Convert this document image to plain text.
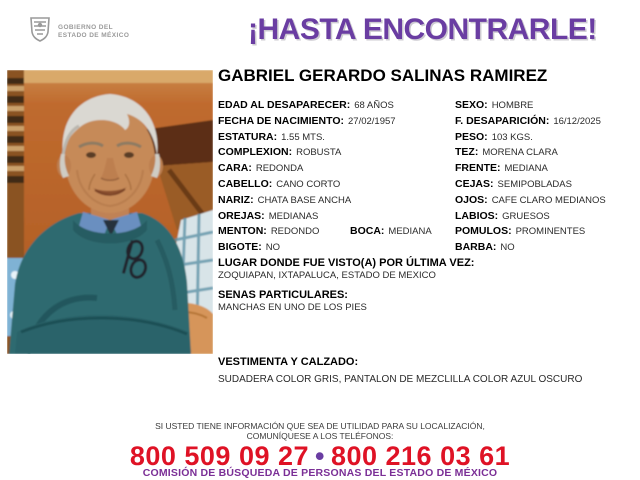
GOBIERNO DEL
ESTADO DE MÉXICO	¡HASTA ENCONTRARLE!
GABRIEL GERARDO SALINAS RAMIREZ
EDAD AL DESAPARECER: 68 AÑOS	SEXO: HOMBRE
FECHA DE NACIMIENTO: 27/02/1957	F. DESAPARICIÓN: 16/12/2025
ESTATURA: 1.55 MTS.	PESO: 103 KGS.
COMPLEXION: ROBUSTA	TEZ: MORENA CLARA
CARA: REDONDA	FRENTE: MEDIANA
CABELLO: CANO CORTO	CEJAS: SEMIPOBLADAS
NARIZ: CHATA BASE ANCHA	OJOS: CAFE CLARO MEDIANOS
OREJAS: MEDIANAS	LABIOS: GRUESOS
MENTON: REDONDO	BOCA: MEDIANA POMULOS: PROMINENTES
BIGOTE: NO	BARBA: NO
LUGAR DONDE FUE VISTO(A) POR ÚLTIMA VEZ:
ZOQUIAPAN, IXTAPALUCA, ESTADO DE MEXICO
SENAS PARTICULARES:
MANCHAS EN UNO DE LOS PIES
VESTIMENTA Y CALZADO:
SUDADERA COLOR GRIS, PANTALON DE MEZCLILLA COLOR AZUL OSCURO
SI USTED TIENE INFORMACIÓN QUE SEA DE UTILIDAD PARA SU LOCALIZACIÓN,
COMUNÍQUESE A LOS TELÉFONOS:
800 509 09 27 • 800 216 03 61
COMISIÓN DE BÚSQUEDA DE PERSONAS DEL ESTADO DE MÉXICO
